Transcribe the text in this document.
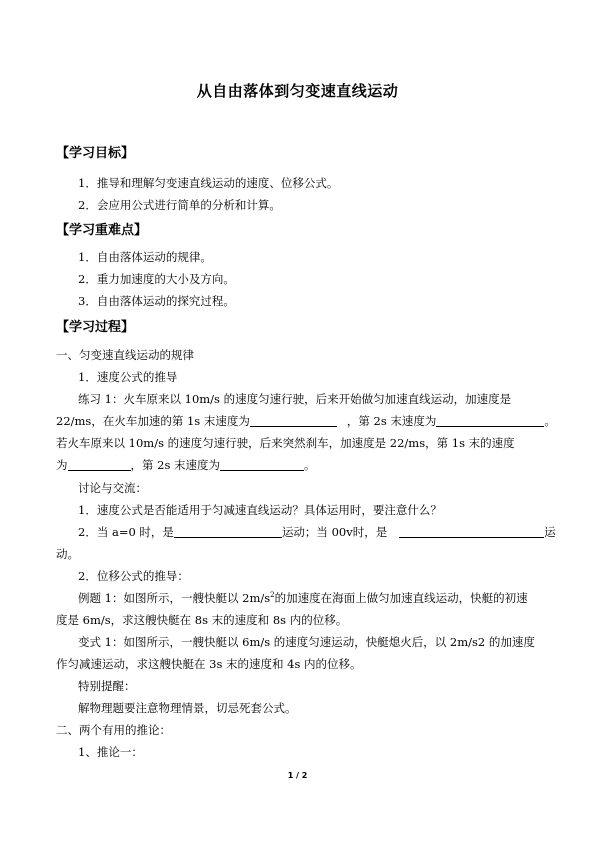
从自由落体到匀变速直线运动
【学习目标】
1．推导和理解匀变速直线运动的速度、位移公式。
2．会应用公式进行简单的分析和计算。
【学习重难点】
1．自由落体运动的规律。
2．重力加速度的大小及方向。
3．自由落体运动的探究过程。
【学习过程】
一、匀变速直线运动的规律
1．速度公式的推导
练习 1：火车原来以 10m/s 的速度匀速行驶，后来开始做匀加速直线运动，加速度是
22/ms，在火车加速的第 1s 末速度为	，第 2s 末速度为	。
若火车原来以 10m/s 的速度匀速行驶，后来突然刹车，加速度是 22/ms，第 1s 末的速度
为	，第 2s 末速度为	。
讨论与交流：
1．速度公式是否能适用于匀减速直线运动？具体运用时，要注意什么？
2．当 a=0 时，是	运动；当 00v时，是	运
动。
2．位移公式的推导：
例题 1：如图所示，一艘快艇以 $2m/s^2$的加速度在海面上做匀加速直线运动，快艇的初速
度是 6m/s，求这艘快艇在 8s 末的速度和 8s 内的位移。
变式 1：如图所示，一艘快艇以 6m/s 的速度匀速运动，快艇熄火后，以 2m/s2 的加速度
作匀减速运动，求这艘快艇在 3s 末的速度和 4s 内的位移。
特别提醒：
解物理题要注意物理情景，切忌死套公式。
二、两个有用的推论：
1、推论一：
1 / 2
